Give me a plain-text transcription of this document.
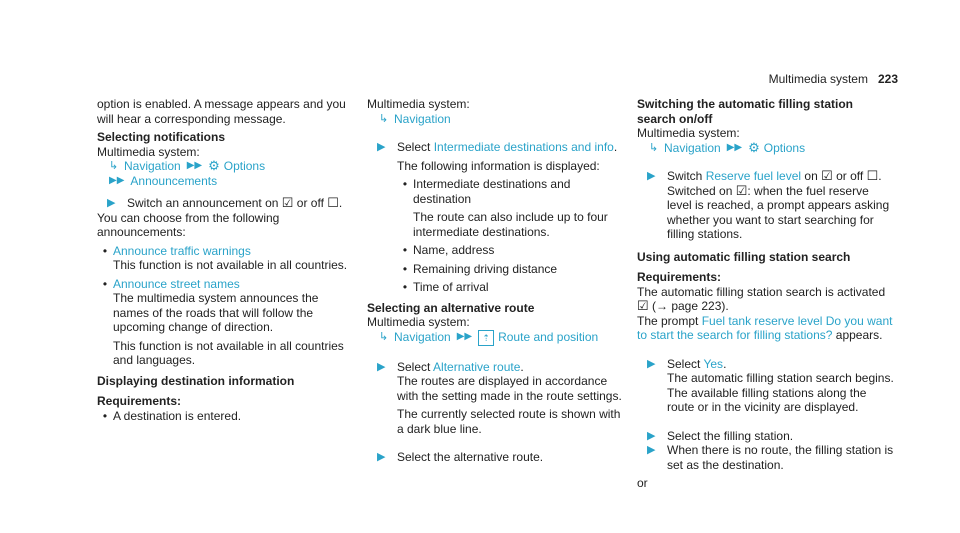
Multimedia system 223

option is enabled. A message appears and you will hear a corresponding message.

Selecting notifications

Multimedia system:

↳ Navigation ▶▶ ⚙ Options
▶▶ Announcements
▶ Switch an announcement on ☑ or off ☐.

You can choose from the following announcements:

• Announce traffic warnings

This function is not available in all countries.

• Announce street names

The multimedia system announces the names of the roads that will follow the upcoming change of direction.

This function is not available in all countries and languages.

Displaying destination information

Requirements:

• A destination is entered.

Multimedia system:

↳ Navigation
▶ Select Intermediate destinations and info.

The following information is displayed:

• Intermediate destinations and destination

The route can also include up to four intermediate destinations.

• Name, address
• Remaining driving distance
• Time of arrival

Selecting an alternative route

Multimedia system:

↳ Navigation ▶▶	⇡ Route and position
▶ Select Alternative route.

The routes are displayed in accordance with the setting made in the route settings.

The currently selected route is shown with a dark blue line.

▶ Select the alternative route.

Switching the automatic filling station search on/off

Multimedia system:

↳ Navigation ▶▶ ⚙ Options
▶ Switch Reserve fuel level on ☑ or off ☐.

Switched on ☑: when the fuel reserve level is reached, a prompt appears asking whether you want to start searching for filling stations.

Using automatic filling station search

Requirements:

The automatic filling station search is activated

☑ (→ page 223).

The prompt Fuel tank reserve level Do you want to start the search for filling stations? appears.

▶ Select Yes.

The automatic filling station search begins.

The available filling stations along the route or in the vicinity are displayed.

▶ Select the filling station.
▶ When there is no route, the filling station is set as the destination.

or
